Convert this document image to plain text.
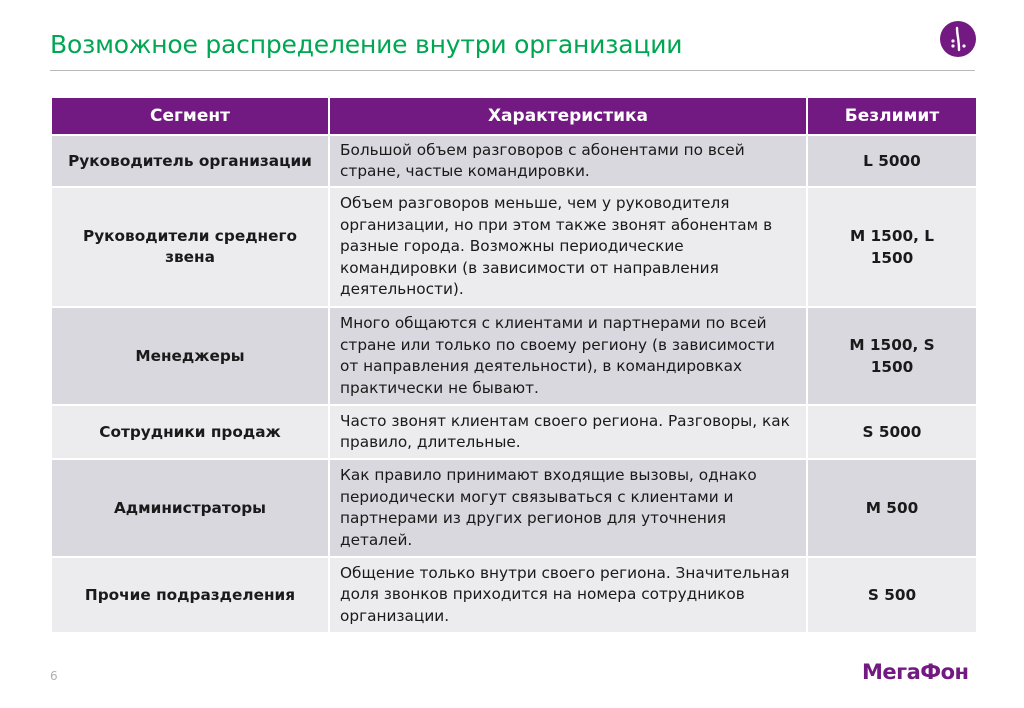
Возможное распределение внутри организации
Сегмент	Характеристика	Безлимит
Руководитель организации	Большой объем разговоров с абонентами по всей стране, частые командировки.	L 5000
Руководители среднего звена	Объем разговоров меньше, чем у руководителя организации, но при этом также звонят абонентам в разные города. Возможны периодические командировки (в зависимости от направления деятельности).	M 1500, L 1500
Менеджеры	Много общаются с клиентами и партнерами по всей стране или только по своему региону (в зависимости от направления деятельности), в командировках практически не бывают.	M 1500, S 1500
Сотрудники продаж	Часто звонят клиентам своего региона. Разговоры, как правило, длительные.	S 5000
Администраторы	Как правило принимают входящие вызовы, однако периодически могут связываться с клиентами и партнерами из других регионов для уточнения деталей.	M 500
Прочие подразделения	Общение только внутри своего региона. Значительная доля звонков приходится на номера сотрудников организации.	S 500
6	МегаФон
